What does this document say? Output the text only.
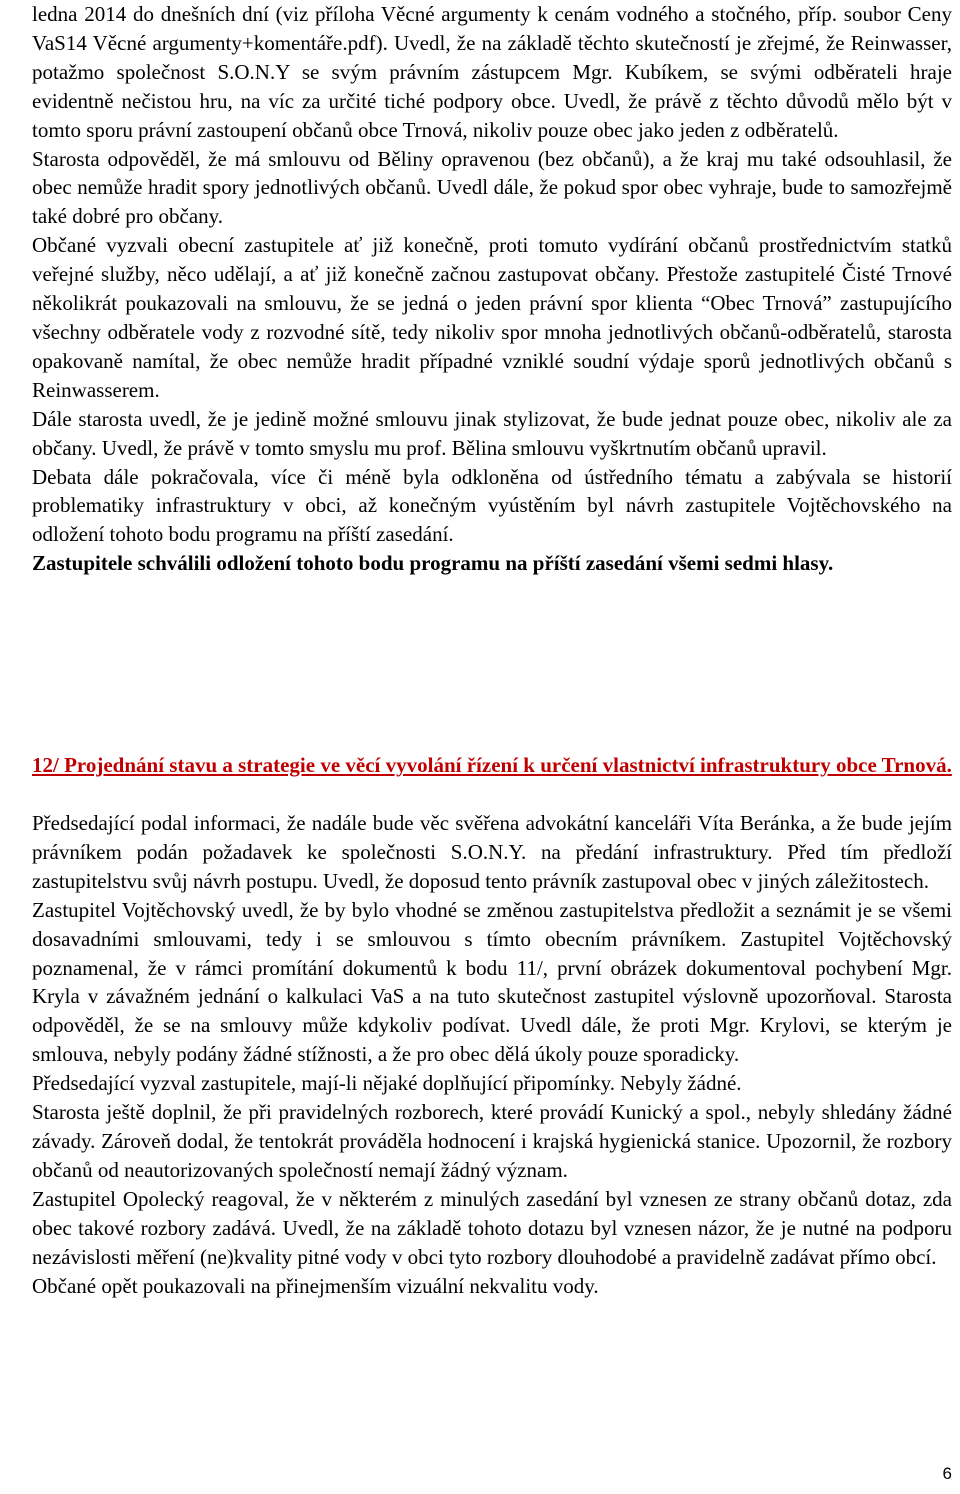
ledna 2014 do dnešních dní (viz příloha Věcné argumenty k cenám vodného a stočného, příp. soubor Ceny VaS14 Věcné argumenty+komentáře.pdf). Uvedl, že na základě těchto skutečností je zřejmé, že Reinwasser, potažmo společnost S.O.N.Y se svým právním zástupcem Mgr. Kubíkem, se svými odběrateli hraje evidentně nečistou hru, na víc za určité tiché podpory obce. Uvedl, že právě z těchto důvodů mělo být v tomto sporu právní zastoupení občanů obce Trnová, nikoliv pouze obec jako jeden z odběratelů.

Starosta odpověděl, že má smlouvu od Běliny opravenou (bez občanů), a že kraj mu také odsouhlasil, že obec nemůže hradit spory jednotlivých občanů. Uvedl dále, že pokud spor obec vyhraje, bude to samozřejmě také dobré pro občany.

Občané vyzvali obecní zastupitele ať již konečně, proti tomuto vydírání občanů prostřednictvím statků veřejné služby, něco udělají, a ať již konečně začnou zastupovat občany. Přestože zastupitelé Čisté Trnové několikrát poukazovali na smlouvu, že se jedná o jeden právní spor klienta “Obec Trnová” zastupujícího všechny odběratele vody z rozvodné sítě, tedy nikoliv spor mnoha jednotlivých občanů-odběratelů, starosta opakovaně namítal, že obec nemůže hradit případné vzniklé soudní výdaje sporů jednotlivých občanů s Reinwasserem.

Dále starosta uvedl, že je jedině možné smlouvu jinak stylizovat, že bude jednat pouze obec, nikoliv ale za občany. Uvedl, že právě v tomto smyslu mu prof. Bělina smlouvu vyškrtnutím občanů upravil.

Debata dále pokračovala, více či méně byla odkloněna od ústředního tématu a zabývala se historií problematiky infrastruktury v obci, až konečným vyústěním byl návrh zastupitele Vojtěchovského na odložení tohoto bodu programu na příští zasedání.

Zastupitele schválili odložení tohoto bodu programu na příští zasedání všemi sedmi hlasy.

12/ Projednání stavu a strategie ve věcí vyvolání řízení k určení vlastnictví infrastruktury obce Trnová.

Předsedající podal informaci, že nadále bude věc svěřena advokátní kanceláři Víta Beránka, a že bude jejím právníkem podán požadavek ke společnosti S.O.N.Y. na předání infrastruktury. Před tím předloží zastupitelstvu svůj návrh postupu. Uvedl, že doposud tento právník zastupoval obec v jiných záležitostech.

Zastupitel Vojtěchovský uvedl, že by bylo vhodné se změnou zastupitelstva předložit a seznámit je se všemi dosavadními smlouvami, tedy i se smlouvou s tímto obecním právníkem. Zastupitel Vojtěchovský poznamenal, že v rámci promítání dokumentů k bodu 11/, první obrázek dokumentoval pochybení Mgr. Kryla v závažném jednání o kalkulaci VaS a na tuto skutečnost zastupitel výslovně upozorňoval. Starosta odpověděl, že se na smlouvy může kdykoliv podívat. Uvedl dále, že proti Mgr. Krylovi, se kterým je smlouva, nebyly podány žádné stížnosti, a že pro obec dělá úkoly pouze sporadicky.

Předsedající vyzval zastupitele, mají-li nějaké doplňující připomínky. Nebyly žádné.

Starosta ještě doplnil, že při pravidelných rozborech, které provádí Kunický a spol., nebyly shledány žádné závady. Zároveň dodal, že tentokrát prováděla hodnocení i krajská hygienická stanice. Upozornil, že rozbory občanů od neautorizovaných společností nemají žádný význam.

Zastupitel Opolecký reagoval, že v některém z minulých zasedání byl vznesen ze strany občanů dotaz, zda obec takové rozbory zadává. Uvedl, že na základě tohoto dotazu byl vznesen názor, že je nutné na podporu nezávislosti měření (ne)kvality pitné vody v obci tyto rozbory dlouhodobé a pravidelně zadávat přímo obcí.

Občané opět poukazovali na přinejmenším vizuální nekvalitu vody.

6
